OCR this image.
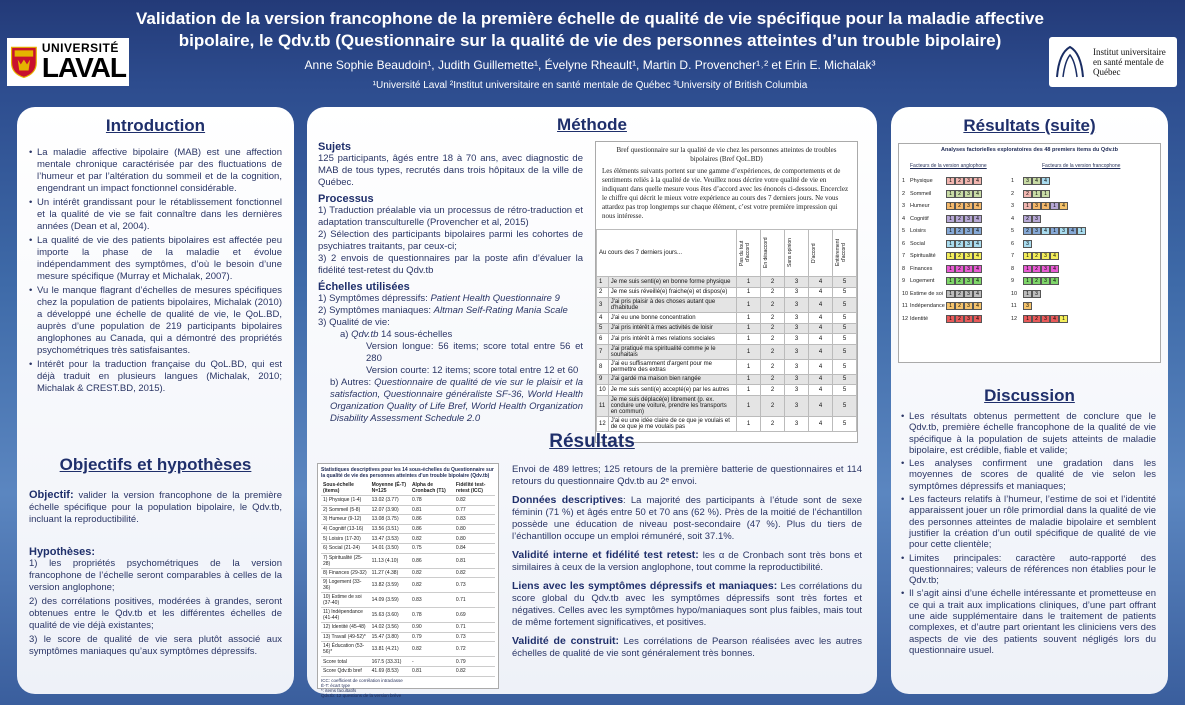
UNIVERSITÉ
LAVAL
Validation de la version francophone de la première échelle de qualité de vie spécifique pour la maladie affective
bipolaire, le Qdv.tb (Questionnaire sur la qualité de vie des personnes atteintes d’un trouble bipolaire)
Anne Sophie Beaudoin¹, Judith Guillemette¹, Évelyne Rheault¹, Martin D. Provencher¹˒² et Erin E. Michalak³
¹Université Laval ²Institut universitaire en santé mentale de Québec ³University of British Columbia
Institut universitaire en santé mentale de Québec
Introduction
• La maladie affective bipolaire (MAB) est une affection mentale chronique caractérisée par des fluctuations de l’humeur et par l’altération du sommeil et de la cognition, engendrant un impact fonctionnel considérable.
• Un intérêt grandissant pour le rétablissement fonctionnel et la qualité de vie se fait connaître dans les dernières années (Dean et al, 2004).
• La qualité de vie des patients bipolaires est affectée peu importe la phase de la maladie et évolue indépendamment des symptômes, d’où le besoin d’une mesure spécifique (Murray et Michalak, 2007).
• Vu le manque flagrant d’échelles de mesures spécifiques chez la population de patients bipolaires, Michalak (2010) a développé une échelle de qualité de vie, le QoL.BD, auprès d’une population de 219 participants bipolaires anglophones au Canada, qui a démontré des propriétés psychométriques très satisfaisantes.
• Intérêt pour la traduction française du QoL.BD, qui est déjà traduit en plusieurs langues (Michalak, 2010; Michalak & CREST.BD, 2015).
Objectifs et hypothèses
Objectif: valider la version francophone de la première échelle spécifique pour la population bipolaire, le Qdv.tb, incluant la reproductibilité.
Hypothèses:

1) les propriétés psychométriques de la version francophone de l’échelle seront comparables à celles de la version anglophone;

2) des corrélations positives, modérées à grandes, seront obtenues entre le Qdv.tb et les différentes échelles de qualité de vie déjà existantes;

3) le score de qualité de vie sera plutôt associé aux symptômes maniaques qu’aux symptômes dépressifs.

Méthode
Sujets

125 participants, âgés entre 18 à 70 ans, avec diagnostic de MAB de tous types, recrutés dans trois hôpitaux de la ville de Québec.

Processus

1) Traduction préalable via un processus de rétro-traduction et adaptation transculturelle (Provencher et al, 2015)

2) Sélection des participants bipolaires parmi les cohortes de psychiatres traitants, par ceux-ci;

3) 2 envois de questionnaires par la poste afin d’évaluer la fidélité test-retest du Qdv.tb

Échelles utilisées

1) Symptômes dépressifs: Patient Health Questionnaire 9

2) Symptômes maniaques: Altman Self-Rating Mania Scale

3) Qualité de vie:

a) Qdv.tb 14 sous-échelles

Version longue: 56 items; score total entre 56 et 280

Version courte: 12 items; score total entre 12 et 60

b) Autres: Questionnaire de qualité de vie sur le plaisir et la satisfaction, Questionnaire généraliste SF-36, World Health Organization Quality of Life Bref, World Health Organization Disability Assessment Schedule 2.0

Bref questionnaire sur la qualité de vie chez les personnes atteintes de troubles bipolaires (Bref QoL.BD)
Les éléments suivants portent sur une gamme d’expériences, de comportements et de sentiments reliés à la qualité de vie. Veuillez nous décrire votre qualité de vie en indiquant dans quelle mesure vous êtes d’accord avec les énoncés ci-dessous. Encerclez le chiffre qui décrit le mieux votre expérience au cours des 7 derniers jours. Ne vous attardez pas trop longtemps sur chaque élément, c’est votre première impression qui nous intéresse.
Au cours des 7 derniers jours...		Pas du tout d'accord	En désaccord	Sans opinion	D'accord	Entièrement d'accord

1	Je me suis senti(e) en bonne forme physique	1	2	3	4	5
2	Je me suis réveillé(e) fraiche(e) et dispos(e)	1	2	3	4	5
3	J'ai pris plaisir à des choses autant que d'habitude	1	2	3	4	5
4	J'ai eu une bonne concentration	1	2	3	4	5
5	J'ai pris intérêt à mes activités de loisir	1	2	3	4	5
6	J'ai pris intérêt à mes relations sociales	1	2	3	4	5
7	J'ai pratiqué ma spiritualité comme je le souhaitais	1	2	3	4	5
8	J'ai eu suffisamment d'argent pour me permettre des extras	1	2	3	4	5
9	J'ai gardé ma maison bien rangée	1	2	3	4	5
10	Je me suis senti(e) accepté(e) par les autres	1	2	3	4	5
11	Je me suis déplacé(e) librement (p. ex. conduire une voiture, prendre les transports en commun)	1	2	3	4	5
12	J'ai eu une idée claire de ce que je voulais et de ce que je me voulais pas	1	2	3	4	5
Résultats
Statistiques descriptives pour les 14 sous-échelles du Questionnaire sur la qualité de vie des personnes atteintes d'un trouble bipolaire (Qdv.tb)
Sous-échelle (items)	Moyenne (É-T) N=125	Alpha de Cronbach (T1)	Fidélité test-retest (ICC)
1) Physique (1-4)	13.02 (3.77)	0.78	0.82
2) Sommeil (5-8)	12.07 (3.90)	0.81	0.77
3) Humeur (9-12)	13.08 (3.75)	0.86	0.83
4) Cognitif (13-16)	13.56 (3.51)	0.86	0.80
5) Loisirs (17-20)	13.47 (3.53)	0.82	0.80
6) Social (21-24)	14.01 (3.50)	0.75	0.84
7) Spiritualité (25-28)	11.13 (4.10)	0.86	0.81
8) Finances (29-32)	11.27 (4.38)	0.82	0.82
9) Logement (33-36)	13.82 (3.59)	0.82	0.73
10) Estime de soi (37-40)	14.09 (3.59)	0.83	0.71
11) Indépendance (41-44)	15.63 (3.60)	0.78	0.69
12) Identité (45-48)	14.02 (3.56)	0.90	0.71
13) Travail (49-52)*	15.47 (3.80)	0.79	0.73
14) Éducation (53-56)*	13.81 (4.21)	0.82	0.72
Score total	167.5 (33.31)	-	0.79
Score Qdv.tb bref	41.69 (8.53)	0.81	0.82
ICC: coefficient de corrélation intraclasse
É-T: écart type
*: items facultatifs
Qdv.tb: 12 questions de la version brève

Envoi de 489 lettres; 125 retours de la première batterie de questionnaires et 114 retours du questionnaire Qdv.tb au 2ᵉ envoi.

Données descriptives: La majorité des participants à l’étude sont de sexe féminin (71 %) et âgés entre 50 et 70 ans (62 %). Près de la moitié de l’échantillon possède une éducation de niveau post-secondaire (47 %). Plus du tiers de l’échantillon occupe un emploi rémunéré, soit 37.1%.

Validité interne et fidélité test retest: les α de Cronbach sont très bons et similaires à ceux de la version anglophone, tout comme la reproductibilité.

Liens avec les symptômes dépressifs et maniaques: Les corrélations du score global du Qdv.tb avec les symptômes dépressifs sont très fortes et négatives. Celles avec les symptômes hypo/maniaques sont plus faibles, mais tout de même fortement significatives, et positives.

Validité de construit: Les corrélations de Pearson réalisées avec les autres échelles de qualité de vie sont généralement très bonnes.

Résultats (suite)
Analyses factorielles exploratoires des 48 premiers items du Qdv.tb
Facteurs de la version anglophone	Facteurs de la version francophone
1 Physique	1	2	3	4	1	3	4	4
2 Sommeil	1	2	3	4	2	2	1	1
3 Humeur	1	2	3	4	3	1	3	4	1	4
4 Cognitif	1	2	3	4	4	2	3
5 Loisirs	1	2	3	4	5	2	3	4	1	3	4	1
6 Social	1	2	3	4	6	3
7 Spiritualité	1	2	3	4	7	1	2	3	4
8 Finances	1	2	3	4	8	1	2	3	4
9 Logement	1	2	3	4	9	1	2	3	4
10 Estime de soi	1	2	3	4	10	1	3
11 Indépendance 1	2	3	4	11	3
12 Identité	1	2	3	4	12	1	2	3	4	1
Discussion
• Les résultats obtenus permettent de conclure que le Qdv.tb, première échelle francophone de la qualité de vie spécifique à la population de sujets atteints de maladie bipolaire, est crédible, fiable et valide;
• Les analyses confirment une gradation dans les moyennes de scores de qualité de vie selon les symptômes dépressifs et maniaques;
• Les facteurs relatifs à l’humeur, l’estime de soi et l’identité apparaissent jouer un rôle primordial dans la qualité de vie des personnes atteintes de maladie bipolaire et semblent justifier la création d’un outil spécifique de qualité de vie pour cette clientèle;
• Limites principales: caractère auto-rapporté des questionnaires; valeurs de références non établies pour le Qdv.tb;
• Il s’agit ainsi d’une échelle intéressante et prometteuse en ce qui a trait aux implications cliniques, d’une part offrant une aide supplémentaire dans le traitement de patients complexes, et d’autre part orientant les cliniciens vers des aspects de vie des patients souvent négligés lors du questionnaire usuel.
